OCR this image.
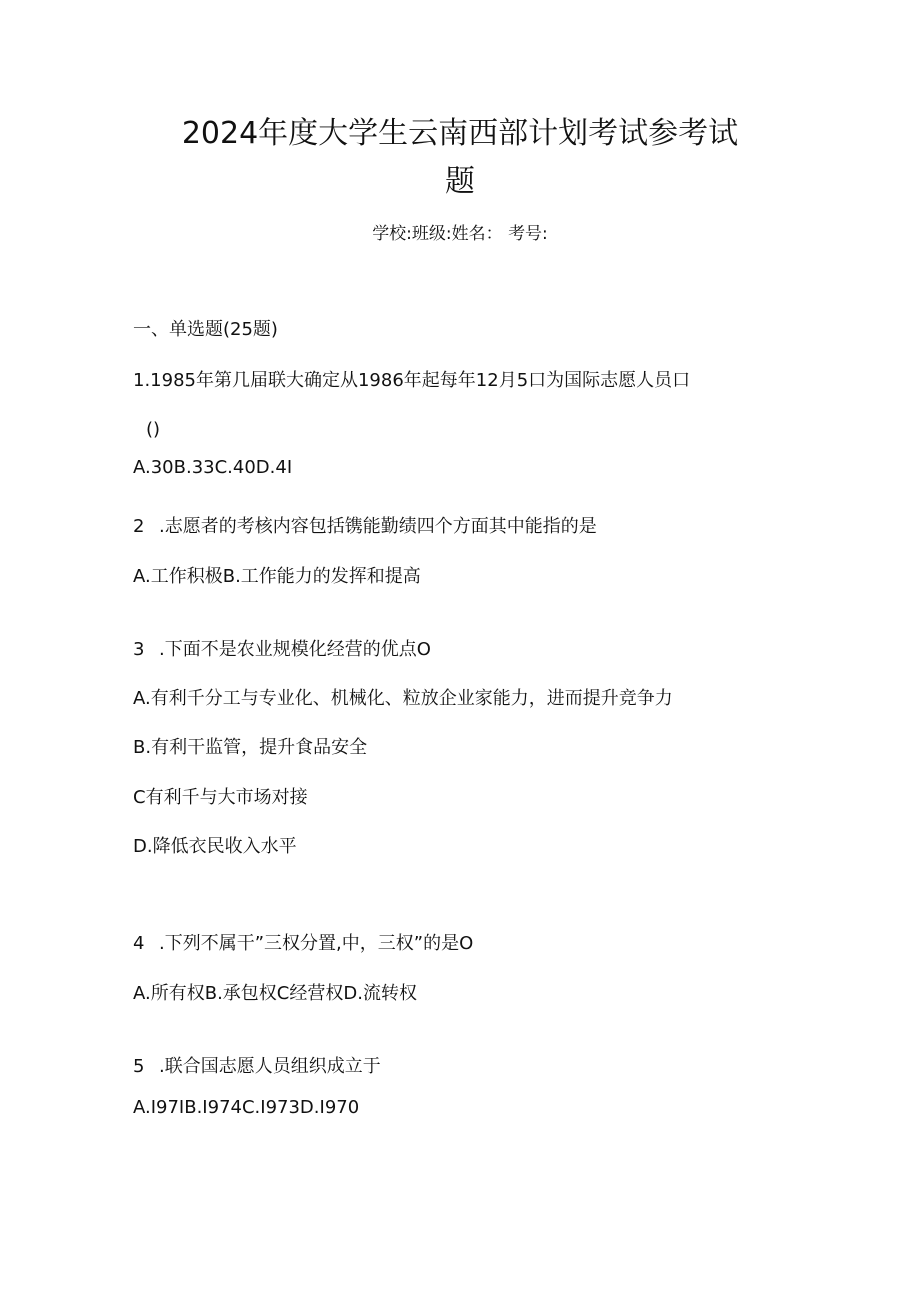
2024年度大学生云南西部计划考试参考试
题
学校:班级:姓名： 考号:
一、单选题(25题)
1.1985年第几届联大确定从1986年起每年12月5口为国际志愿人员口
()
A.30B.33C.40D.4I
2 .志愿者的考核内容包括镌能勤绩四个方面其中能指的是
A.工作积极B.工作能力的发挥和提高
3 .下面不是农业规模化经营的优点O
A.有利千分工与专业化、机械化、粒放企业家能力，进而提升竞争力
B.有利干监管，提升食品安全
C有利千与大市场对接
D.降低衣民收入水平
4 .下列不属干”三权分置,中，三权”的是O
A.所有权B.承包权C经营权D.流转权
5 .联合国志愿人员组织成立于
A.I97IB.I974C.I973D.I970
